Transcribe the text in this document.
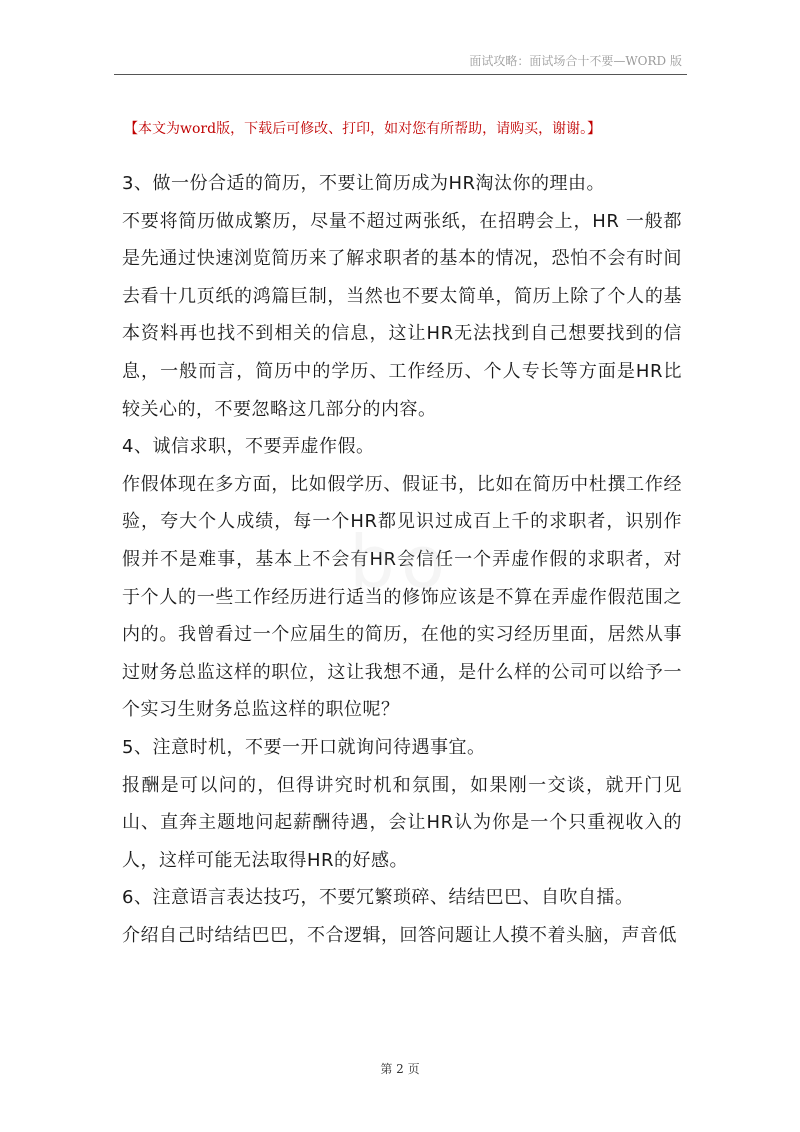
面试攻略：面试场合十不要—WORD 版
【本文为word版，下载后可修改、打印，如对您有所帮助，请购买，谢谢。】

3、做一份合适的简历，不要让简历成为HR淘汰你的理由。

不要将简历做成繁历，尽量不超过两张纸，在招聘会上，HR 一般都是先通过快速浏览简历来了解求职者的基本的情况，恐怕不会有时间去看十几页纸的鸿篇巨制，当然也不要太简单，简历上除了个人的基本资料再也找不到相关的信息，这让HR无法找到自己想要找到的信息，一般而言，简历中的学历、工作经历、个人专长等方面是HR比较关心的，不要忽略这几部分的内容。

4、诚信求职，不要弄虚作假。

作假体现在多方面，比如假学历、假证书，比如在简历中杜撰工作经验，夸大个人成绩，每一个HR都见识过成百上千的求职者，识别作假并不是难事，基本上不会有HR会信任一个弄虚作假的求职者，对于个人的一些工作经历进行适当的修饰应该是不算在弄虚作假范围之内的。我曾看过一个应届生的简历，在他的实习经历里面，居然从事过财务总监这样的职位，这让我想不通，是什么样的公司可以给予一个实习生财务总监这样的职位呢？

5、注意时机，不要一开口就询问待遇事宜。

报酬是可以问的，但得讲究时机和氛围，如果刚一交谈，就开门见山、直奔主题地问起薪酬待遇，会让HR认为你是一个只重视收入的人，这样可能无法取得HR的好感。

6、注意语言表达技巧，不要冗繁琐碎、结结巴巴、自吹自擂。

介绍自己时结结巴巴，不合逻辑，回答问题让人摸不着头脑，声音低

bo
第 2 页
